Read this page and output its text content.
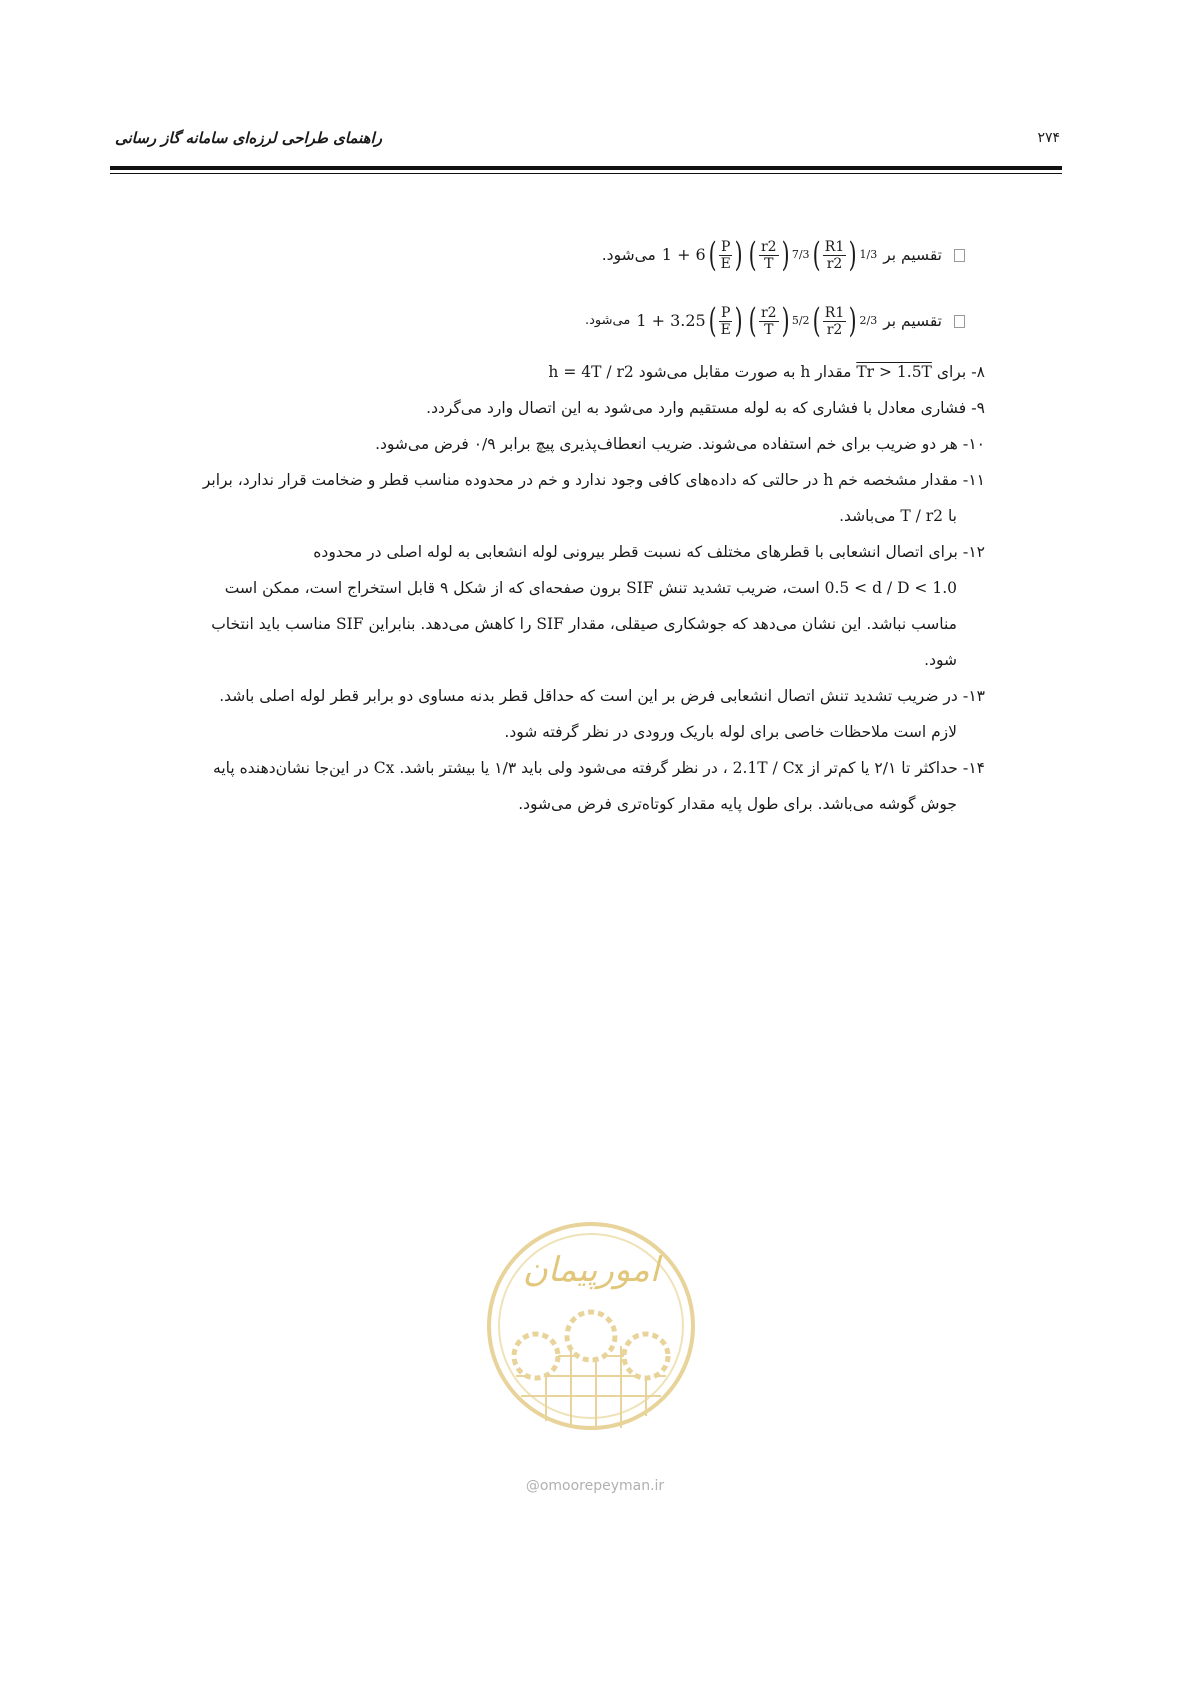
راهنمای طراحی لرزه‌ای سامانه گاز رسانی	۲۷۴
تقسیم بر
1 + 6 ( $\frac{P}{E}$ ) ( $\frac{r2}{T}$ ) 7/3 ( $\frac{R1}{r2}$ ) 1/3
می‌شود.
تقسیم بر
1 + 3.25 ( $\frac{P}{E}$ ) ( $\frac{r2}{T}$ ) 5/2 ( $\frac{R1}{r2}$ ) 2/3
می‌شود.
۸- برای Tr > 1.5T مقدار h به صورت مقابل می‌شود h = 4T / r2
۹- فشاری معادل با فشاری که به لوله مستقیم وارد می‌شود به این اتصال وارد می‌گردد.
۱۰- هر دو ضریب برای خم استفاده می‌شوند. ضریب انعطاف‌پذیری پیچ برابر ۰/۹ فرض می‌شود.
۱۱- مقدار مشخصه خم h در حالتی که داده‌های کافی وجود ندارد و خم در محدوده مناسب قطر و ضخامت قرار ندارد، برابر
با T / r2 می‌باشد.
۱۲- برای اتصال انشعابی با قطرهای مختلف که نسبت قطر بیرونی لوله انشعابی به لوله اصلی در محدوده
0.5 < d / D < 1.0 است، ضریب تشدید تنش SIF برون صفحه‌ای که از شکل ۹ قابل استخراج است، ممکن است
مناسب نباشد. این نشان می‌دهد که جوشکاری صیقلی، مقدار SIF را کاهش می‌دهد. بنابراین SIF مناسب باید انتخاب
شود.
۱۳- در ضریب تشدید تنش اتصال انشعابی فرض بر این است که حداقل قطر بدنه مساوی دو برابر قطر لوله اصلی باشد.
لازم است ملاحظات خاصی برای لوله باریک ورودی در نظر گرفته شود.
۱۴- حداکثر تا ۲/۱ یا کم‌تر از 2.1T / Cx ، در نظر گرفته می‌شود ولی باید ۱/۳ یا بیشتر باشد. Cx در این‌جا نشان‌دهنده پایه
جوش گوشه می‌باشد. برای طول پایه مقدار کوتاه‌تری فرض می‌شود.
امورپیمان
@omoorepeyman.ir
